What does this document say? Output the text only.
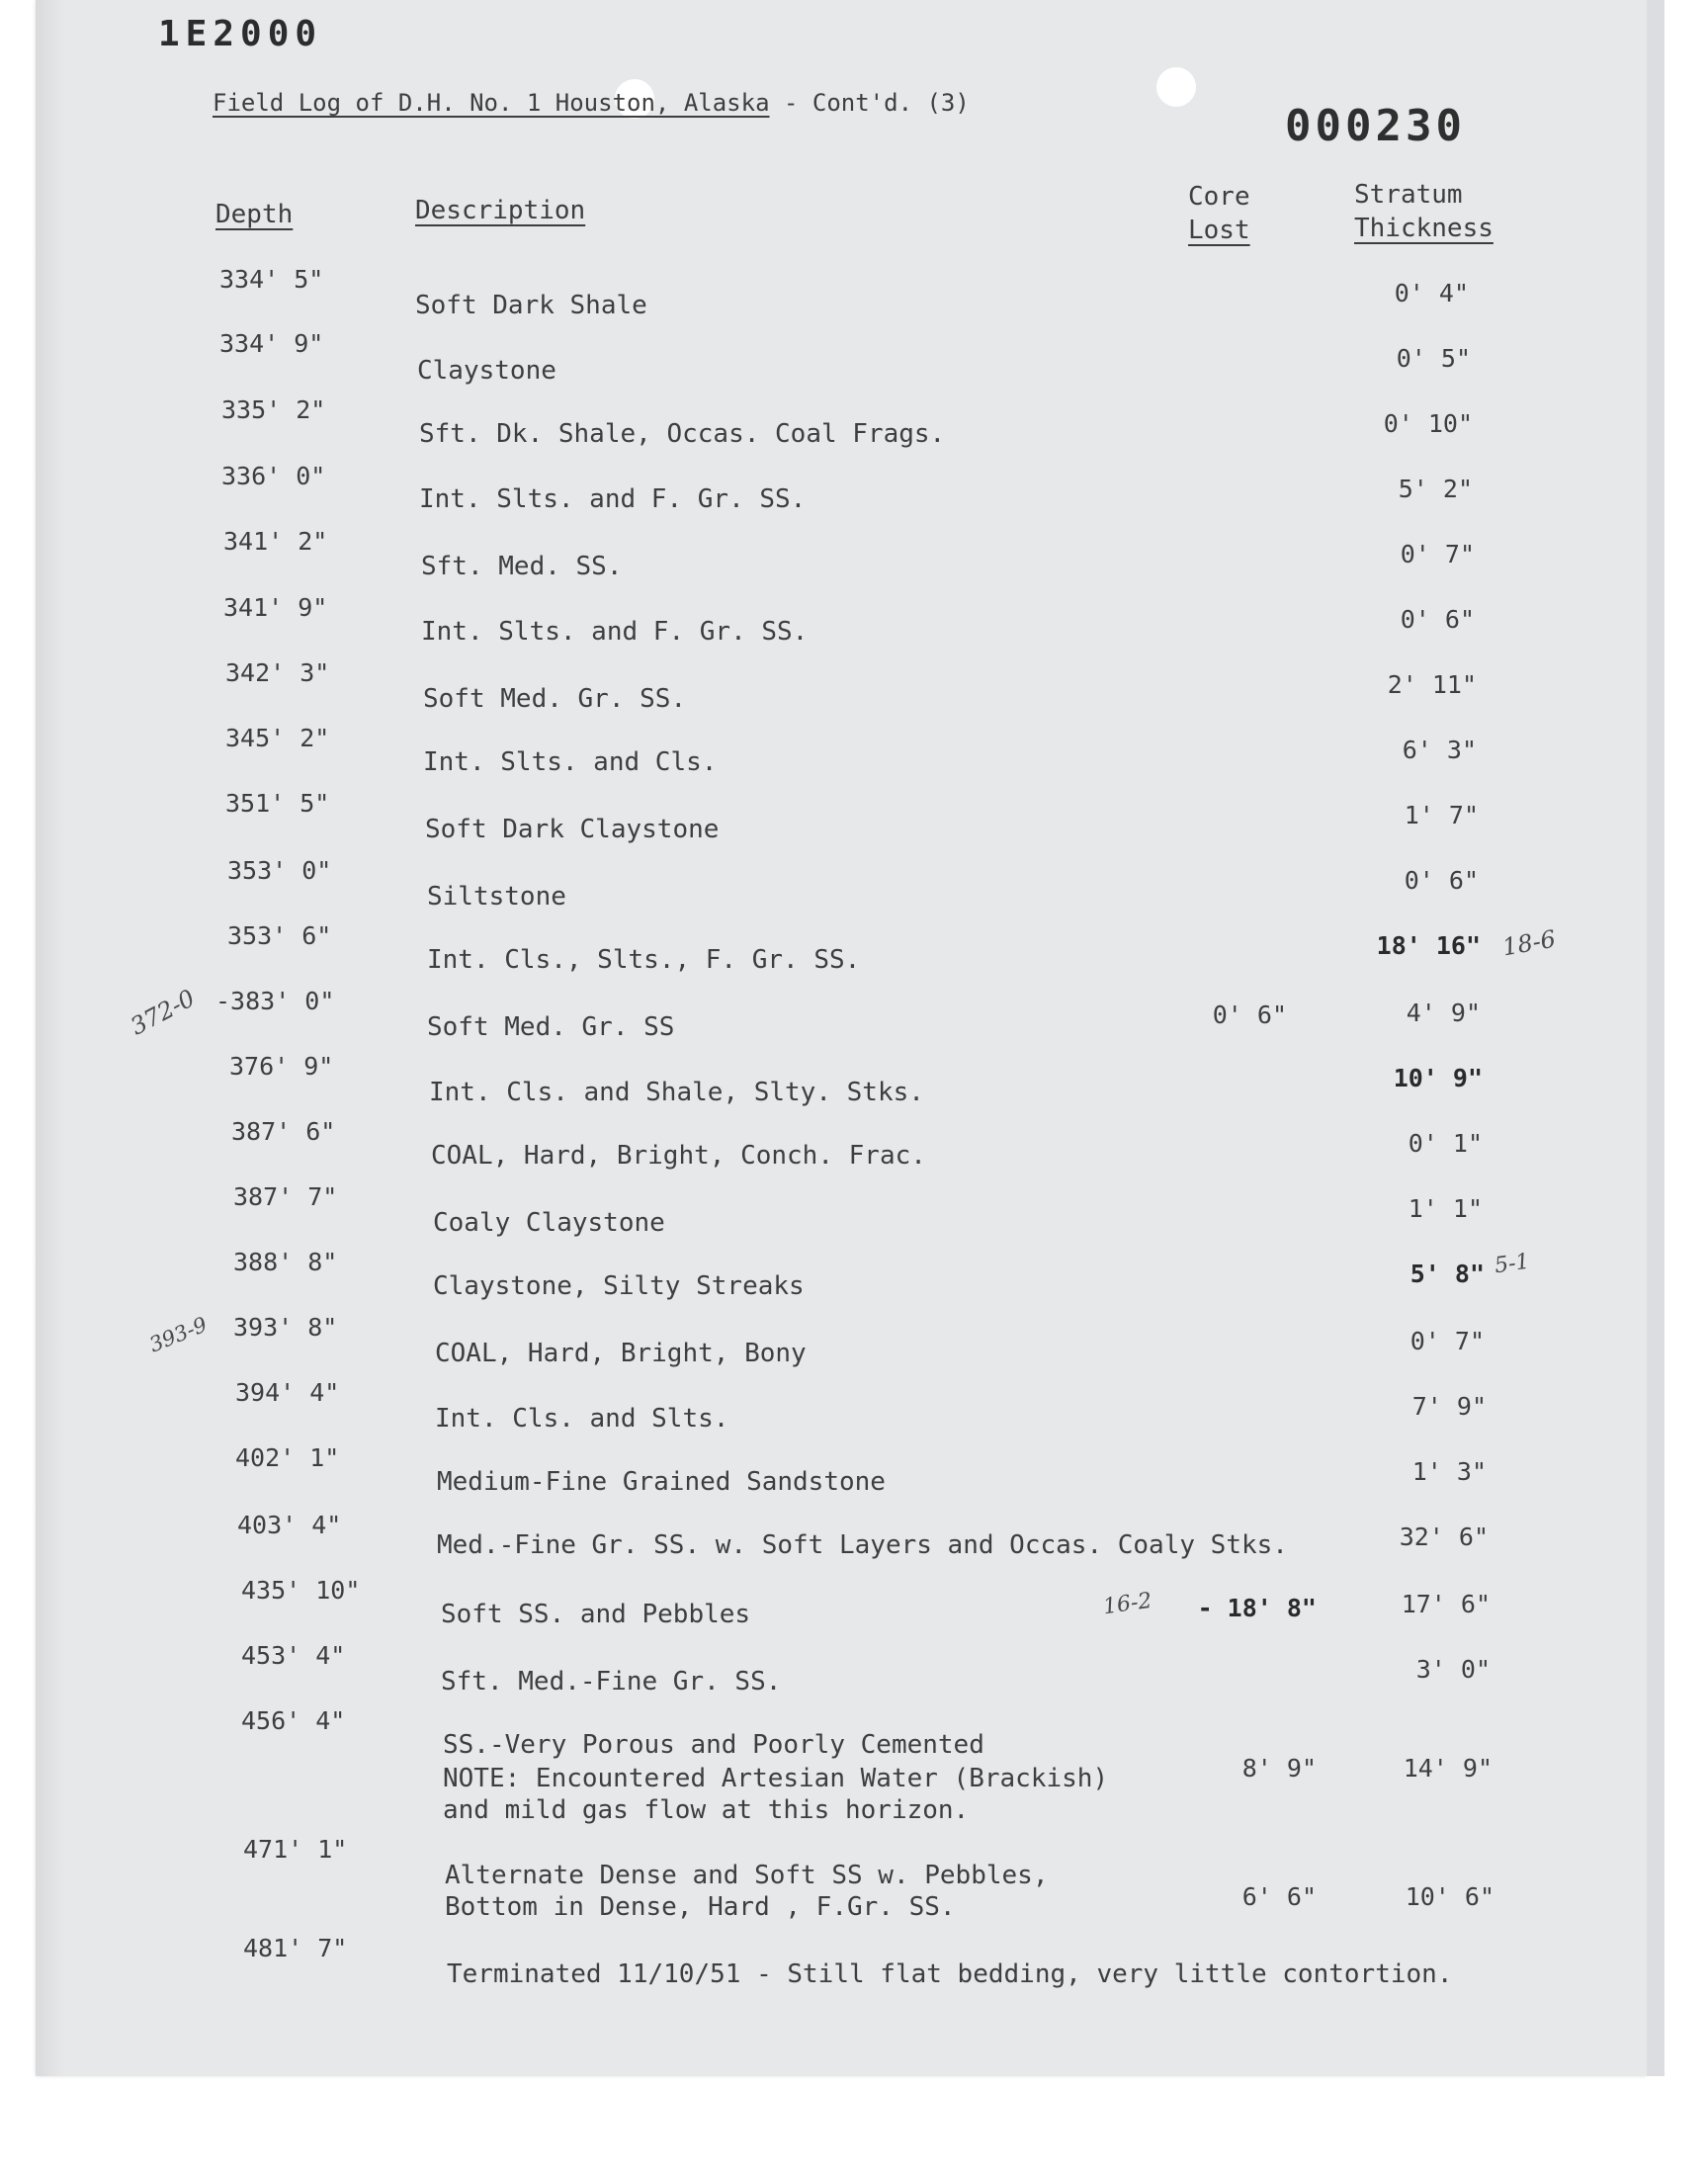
1E2000
000230
Field Log of D.H. No. 1 Houston, Alaska - Cont'd. (3)
Depth	Description	Core
Lost
Stratum
Thickness
334' 5"
334' 9"
335' 2"
336' 0"
341' 2"
341' 9"
342' 3"
345' 2"
351' 5"
353' 0"
353' 6"
-383' 0"
376' 9"
387' 6"
387' 7"
388' 8"
393' 8"
394' 4"
402' 1"
403' 4"
435' 10"
453' 4"
456' 4"
471' 1"
481' 7"
Soft Dark Shale
Claystone
Sft. Dk. Shale, Occas. Coal Frags.
Int. Slts. and F. Gr. SS.
Sft. Med. SS.
Int. Slts. and F. Gr. SS.
Soft Med. Gr. SS.
Int. Slts. and Cls.
Soft Dark Claystone
Siltstone
Int. Cls., Slts., F. Gr. SS.
Soft Med. Gr. SS
Int. Cls. and Shale, Slty. Stks.
COAL, Hard, Bright, Conch. Frac.
Coaly Claystone
Claystone, Silty Streaks
COAL, Hard, Bright, Bony
Int. Cls. and Slts.
Medium-Fine Grained Sandstone
Med.-Fine Gr. SS. w. Soft Layers and Occas. Coaly Stks.
Soft SS. and Pebbles
Sft. Med.-Fine Gr. SS.
SS.-Very Porous and Poorly Cemented
NOTE: Encountered Artesian Water (Brackish)
and mild gas flow at this horizon.
Alternate Dense and Soft SS w. Pebbles,
Bottom in Dense, Hard , F.Gr. SS.
Terminated 11/10/51 - Still flat bedding, very little contortion.
0' 6"
- 18' 8"
8' 9"
6' 6"
0' 4"
0' 5"
0' 10"
5' 2"
0' 7"
0' 6"
2' 11"
6' 3"
1' 7"
0' 6"
18' 16"
4' 9"
10' 9"
0' 1"
1' 1"
5' 8"
0' 7"
7' 9"
1' 3"
32' 6"
17' 6"
3' 0"
14' 9"
10' 6"
372-0
393-9
18-6
5-1
16-2
